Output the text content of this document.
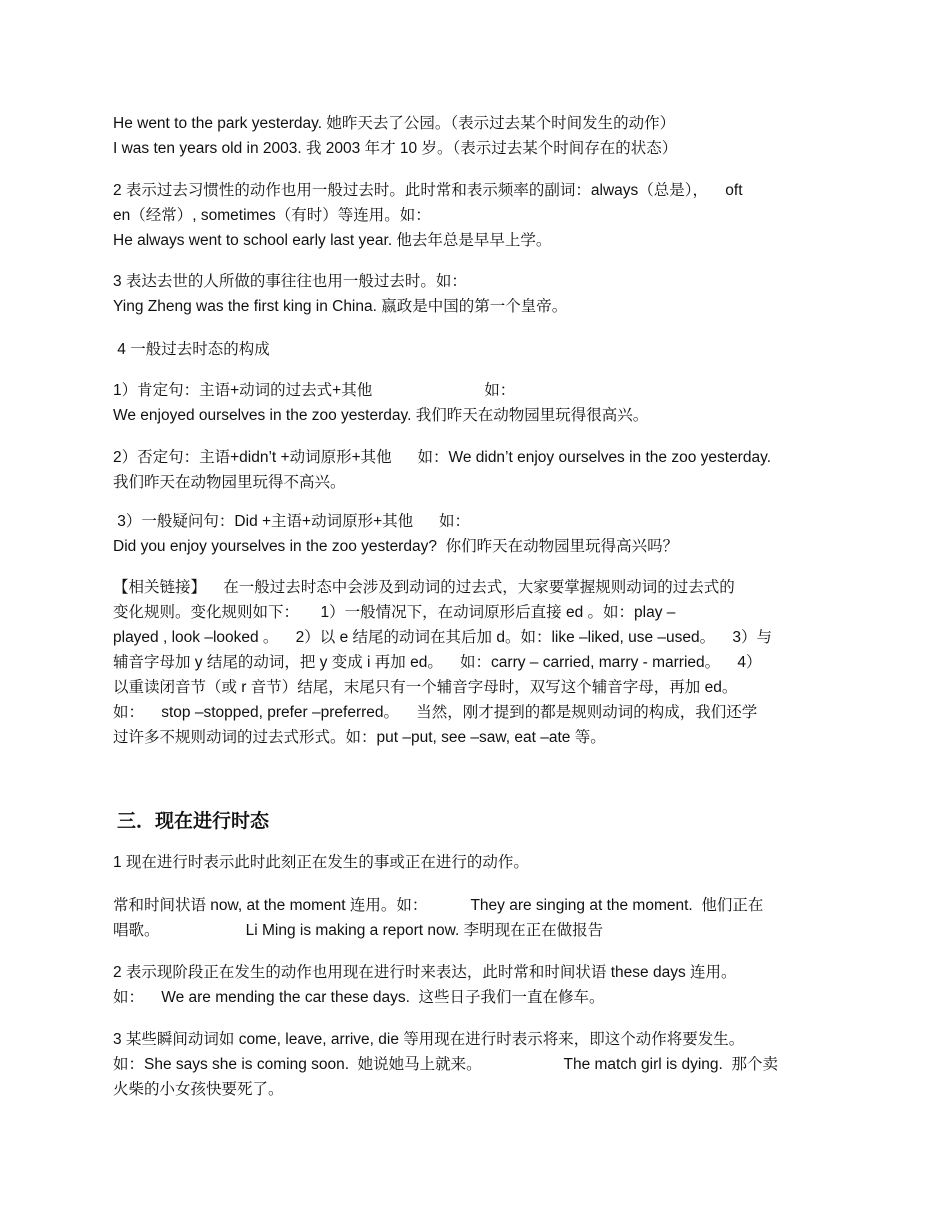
He went to the park yesterday. 她昨天去了公园。（表示过去某个时间发生的动作）
I was ten years old in 2003. 我 2003 年才 10 岁。（表示过去某个时间存在的状态）
2 表示过去习惯性的动作也用一般过去时。此时常和表示频率的副词：always（总是），    oft
en（经常）, sometimes（有时）等连用。如：
He always went to school early last year. 他去年总是早早上学。
3 表达去世的人所做的事往往也用一般过去时。如：
Ying Zheng was the first king in China. 嬴政是中国的第一个皇帝。
4 一般过去时态的构成
1）肯定句：主语+动词的过去式+其他                          如：
We enjoyed ourselves in the zoo yesterday. 我们昨天在动物园里玩得很高兴。
2）否定句：主语+didn’t +动词原形+其他      如：We didn’t enjoy ourselves in the zoo yesterday.
我们昨天在动物园里玩得不高兴。
3）一般疑问句：Did +主语+动词原形+其他      如：
Did you enjoy yourselves in the zoo yesterday?  你们昨天在动物园里玩得高兴吗？
【相关链接】    在一般过去时态中会涉及到动词的过去式，大家要掌握规则动词的过去式的
变化规则。变化规则如下：     1）一般情况下，在动词原形后直接 ed 。如：play –
played , look –looked 。    2）以 e 结尾的动词在其后加 d。如：like –liked, use –used。    3）与
辅音字母加 y 结尾的动词，把 y 变成 i 再加 ed。    如：carry – carried, marry - married。    4）
以重读闭音节（或 r 音节）结尾，末尾只有一个辅音字母时，双写这个辅音字母，再加 ed。
如：    stop –stopped, prefer –preferred。    当然，刚才提到的都是规则动词的构成，我们还学
过许多不规则动词的过去式形式。如：put –put, see –saw, eat –ate 等。
三．现在进行时态
1 现在进行时表示此时此刻正在发生的事或正在进行的动作。
常和时间状语 now, at the moment 连用。如：          They are singing at the moment.  他们正在
唱歌。                    Li Ming is making a report now. 李明现在正在做报告
2 表示现阶段正在发生的动作也用现在进行时来表达，此时常和时间状语 these days 连用。
如：    We are mending the car these days.  这些日子我们一直在修车。
3 某些瞬间动词如 come, leave, arrive, die 等用现在进行时表示将来，即这个动作将要发生。
如：She says she is coming soon.  她说她马上就来。                   The match girl is dying.  那个卖
火柴的小女孩快要死了。
